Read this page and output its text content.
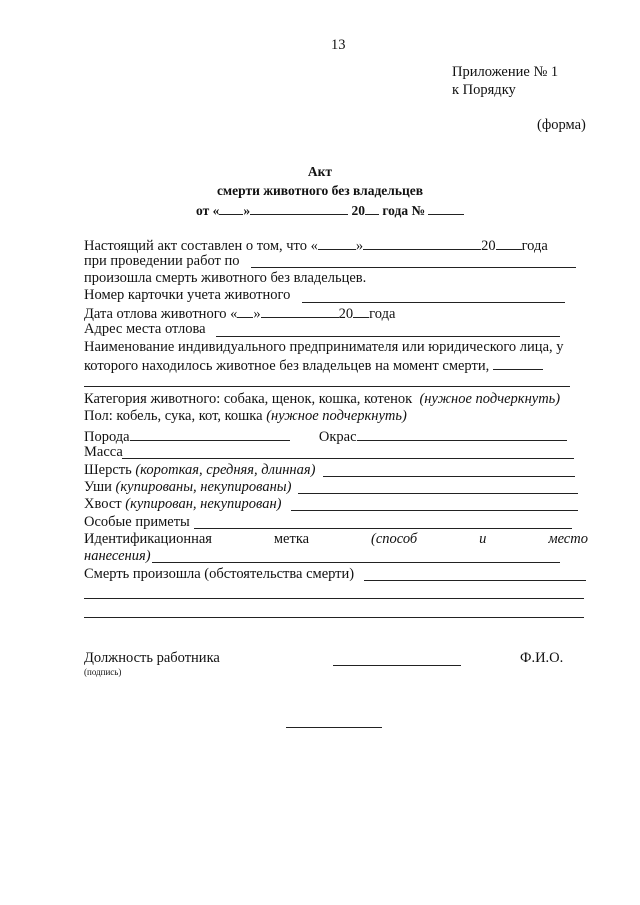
13
Приложение № 1
к Порядку
(форма)
Акт
смерти животного без владельцев
от « »	20 года №
Настоящий акт составлен о том, что «	»	20 года
при проведении работ по
произошла смерть животного без владельцев.
Номер карточки учета животного
Дата отлова животного « »	20 года
Адрес места отлова
Наименование индивидуального предпринимателя или юридического лица, у
которого находилось животное без владельцев на момент смерти,
Категория животного: собака, щенок, кошка, котенок (нужное подчеркнуть)
Пол: кобель, сука, кот, кошка (нужное подчеркнуть)
Порода	Окрас
Масса
Шерсть (короткая, средняя, длинная)
Уши (купированы, некупированы)
Хвост (купирован, некупирован)
Особые приметы
Идентификационная	метка	(способ	и	место
нанесения)
Смерть произошла (обстоятельства смерти)
Должность работника
(подпись)
Ф.И.О.
